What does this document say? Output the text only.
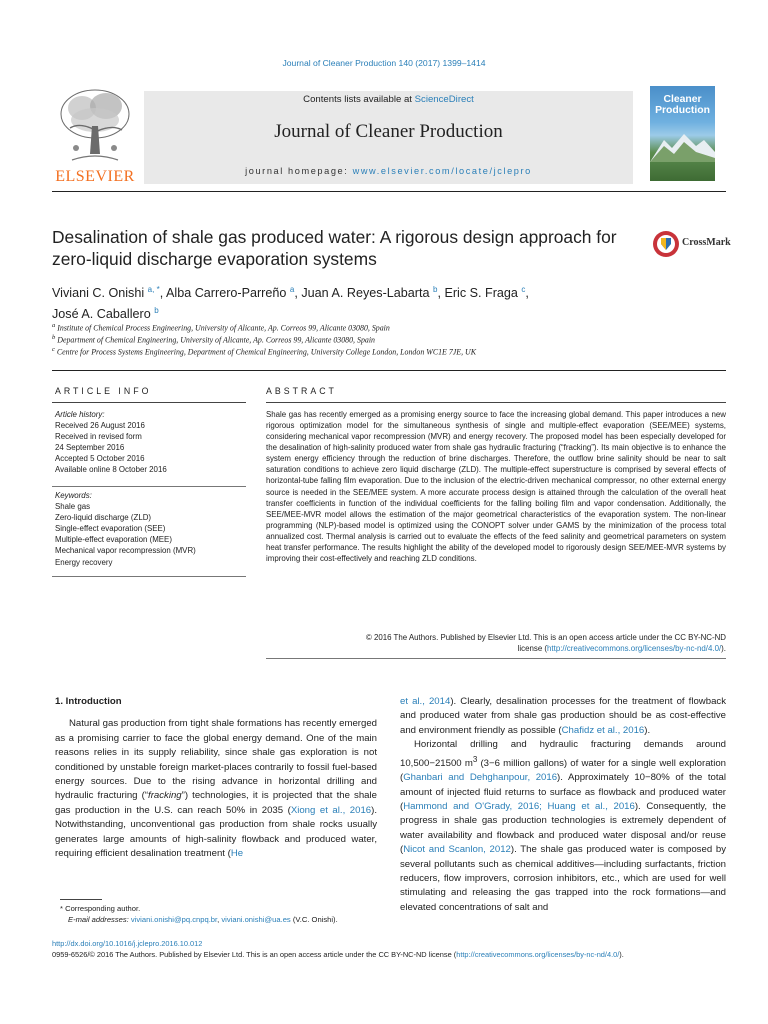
Journal of Cleaner Production 140 (2017) 1399–1414
ELSEVIER
Contents lists available at ScienceDirect
Journal of Cleaner Production
journal homepage: www.elsevier.com/locate/jclepro
Cleaner
Production
Desalination of shale gas produced water: A rigorous design approach for zero-liquid discharge evaporation systems
CrossMark
Viviani C. Onishi $^{a, *}$, Alba Carrero-Parreño $^a$, Juan A. Reyes-Labarta $^b$, Eric S. Fraga $^c$,
José A. Caballero $^b$
$^a$ Institute of Chemical Process Engineering, University of Alicante, Ap. Correos 99, Alicante 03080, Spain
$^b$ Department of Chemical Engineering, University of Alicante, Ap. Correos 99, Alicante 03080, Spain
$^c$ Centre for Process Systems Engineering, Department of Chemical Engineering, University College London, London WC1E 7JE, UK
ARTICLE INFO	ABSTRACT
Article history:
Received 26 August 2016
Received in revised form
24 September 2016
Accepted 5 October 2016
Available online 8 October 2016
Keywords:
Shale gas
Zero-liquid discharge (ZLD)
Single-effect evaporation (SEE)
Multiple-effect evaporation (MEE)
Mechanical vapor recompression (MVR)
Energy recovery
Shale gas has recently emerged as a promising energy source to face the increasing global demand. This paper introduces a new rigorous optimization model for the simultaneous synthesis of single and multiple-effect evaporation (SEE/MEE) systems, considering mechanical vapor recompression (MVR) and energy recovery. The proposed model has been especially developed for the desalination of high-salinity produced water from shale gas hydraulic fracturing (“fracking”). Its main objective is to enhance the system energy efficiency through the reduction of brine discharges. Therefore, the outflow brine salinity should be near to salt saturation conditions to achieve zero liquid discharge (ZLD). The multiple-effect superstructure is comprised by several effects of horizontal-tube falling film evaporation. Due to the inclusion of the electric-driven mechanical compressor, no other external energy source is needed in the SEE/MEE system. A more accurate process design is attained through the calculation of the overall heat transfer coefficients in function of the individual coefficients for the falling boiling film and vapor condensation. Additionally, the SEE/MEE-MVR model allows the estimation of the major geometrical characteristics of the evaporation system. The non-linear programming (NLP)-based model is optimized using the CONOPT solver under GAMS by the minimization of the process total annualized cost. Thermal analysis is carried out to evaluate the effects of the feed salinity and geometrical parameters on system heat transfer performance. The results highlight the ability of the developed model to rigorously design SEE/MEE-MVR systems by improving their cost-effectively and reaching ZLD conditions.
© 2016 The Authors. Published by Elsevier Ltd. This is an open access article under the CC BY-NC-ND
license (http://creativecommons.org/licenses/by-nc-nd/4.0/).
1. Introduction

Natural gas production from tight shale formations has recently emerged as a promising carrier to face the global energy demand. One of the main reasons relies in its supply reliability, since shale gas exploration is not conditioned by unstable foreign market-places contrarily to fossil fuel-based energy sources. Due to the rising advance in horizontal drilling and hydraulic fracturing (“fracking”) technologies, it is projected that the shale gas production in the U.S. can reach 50% in 2035 (Xiong et al., 2016). Notwithstanding, unconventional gas production from shale rocks usually generates large amounts of high-salinity flowback and produced water, requiring efficient desalination treatment (He

et al., 2014). Clearly, desalination processes for the treatment of flowback and produced water from shale gas production should be as cost-effective and environment friendly as possible (Chafidz et al., 2016).

Horizontal drilling and hydraulic fracturing demands around 10,500−21500 $m^3$ (3−6 million gallons) of water for a single well exploration (Ghanbari and Dehghanpour, 2016). Approximately 10−80% of the total amount of injected fluid returns to surface as flowback and produced water (Hammond and O'Grady, 2016; Huang et al., 2016). Consequently, the progress in shale gas production technologies is extremely dependent of water availability and flowback and produced water disposal and/or reuse (Nicot and Scanlon, 2012). The shale gas produced water is composed by several pollutants such as chemical additives—including surfactants, friction reducers, flow improvers, corrosion inhibitors, etc., which are used for well stimulating and releasing the gas trapped into the rock formations—and elevated concentrations of salt and

* Corresponding author.
E-mail addresses: viviani.onishi@pq.cnpq.br, viviani.onishi@ua.es (V.C. Onishi).
http://dx.doi.org/10.1016/j.jclepro.2016.10.012
0959-6526/© 2016 The Authors. Published by Elsevier Ltd. This is an open access article under the CC BY-NC-ND license (http://creativecommons.org/licenses/by-nc-nd/4.0/).
